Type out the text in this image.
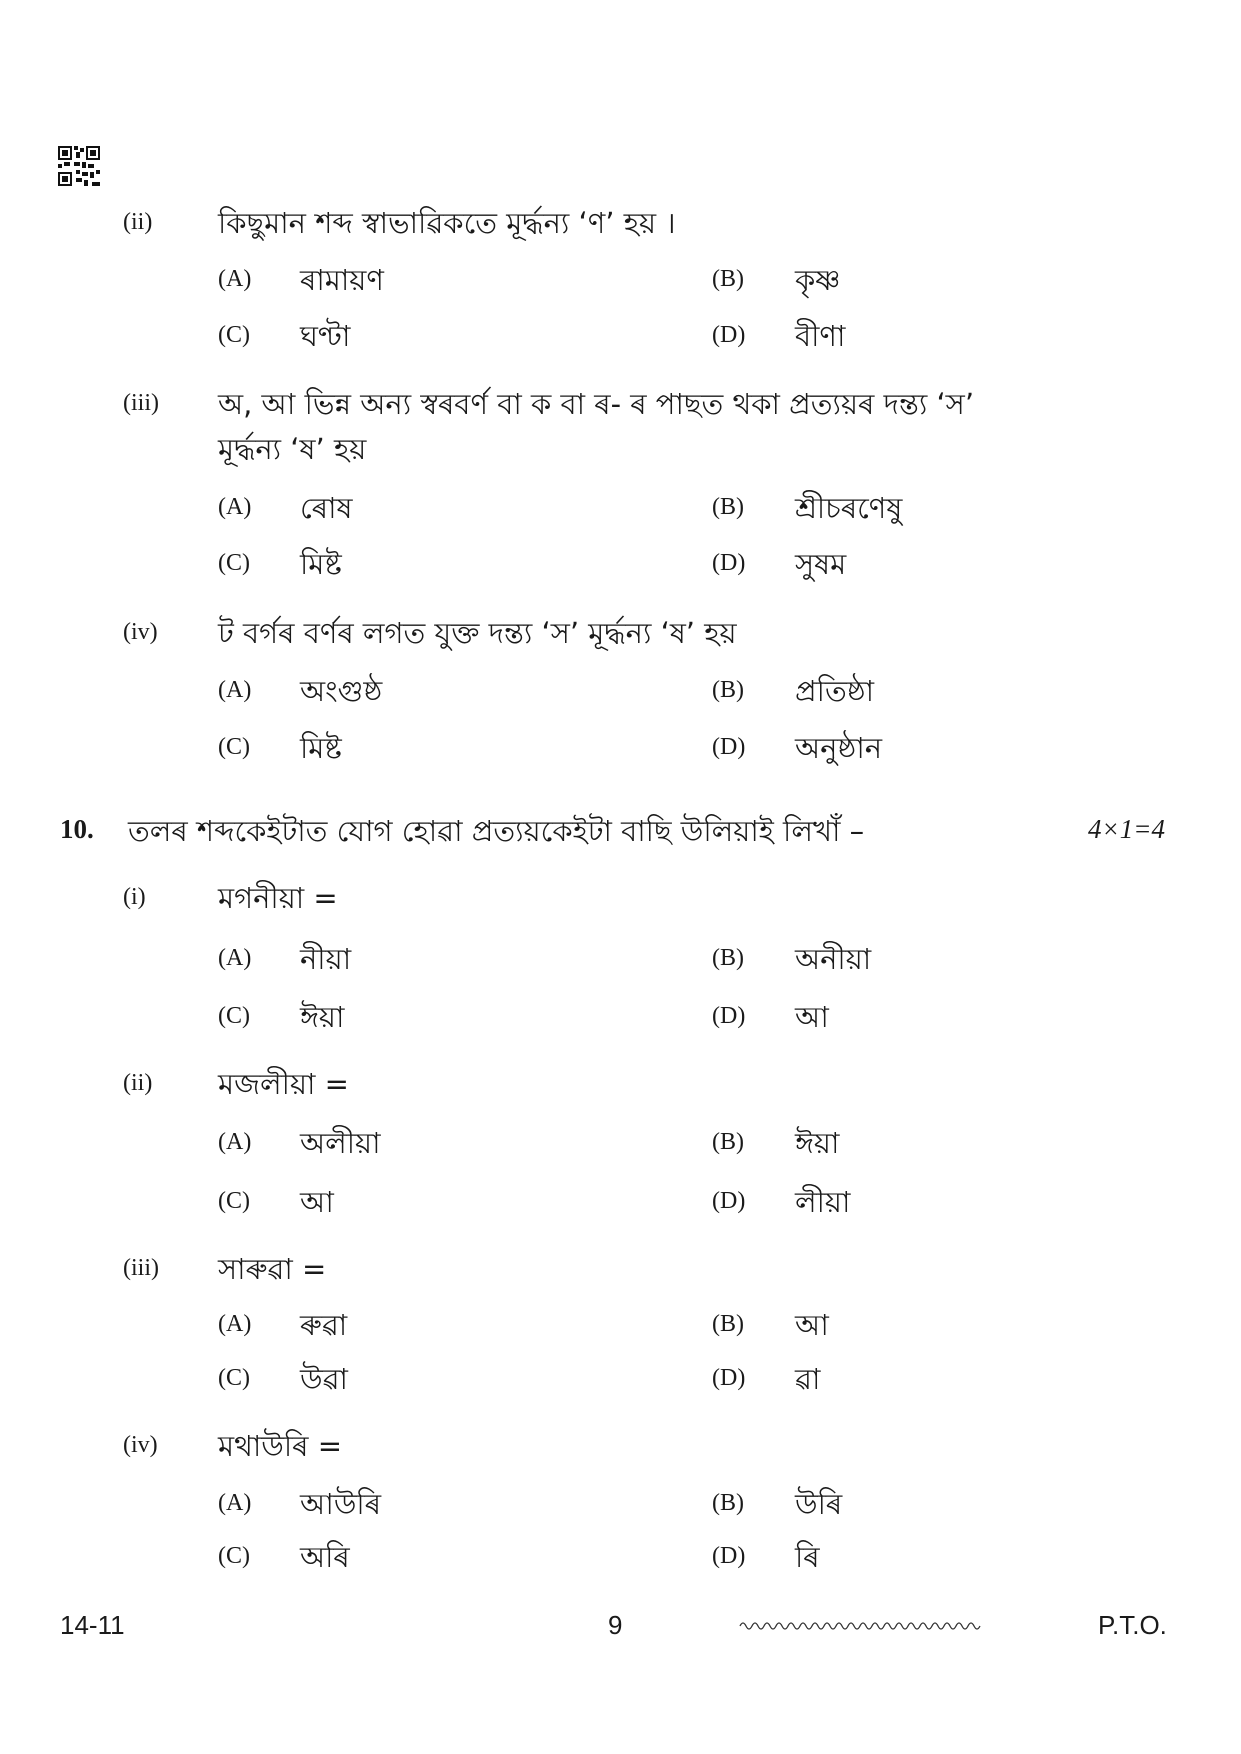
(ii) কিছুমান শব্দ স্বাভাৱিকতে মূৰ্দ্ধন্য ‘ণ’ হয় ।
(A) ৰামায়ণ	(B) কৃষ্ণ
(C) ঘণ্টা	(D) বীণা
(iii) অ, আ ভিন্ন অন্য স্বৰবৰ্ণ বা ক বা ৰ- ৰ পাছত থকা প্ৰত্যয়ৰ দন্ত্য ‘স’
মূৰ্দ্ধন্য ‘ষ’ হয়
(A) ৰোষ	(B) শ্ৰীচৰণেষু
(C) মিষ্ট	(D) সুষম
(iv) ট বৰ্গৰ বৰ্ণৰ লগত যুক্ত দন্ত্য ‘স’ মূৰ্দ্ধন্য ‘ষ’ হয়
(A) অংগুষ্ঠ	(B) প্ৰতিষ্ঠা
(C) মিষ্ট	(D) অনুষ্ঠান
10. তলৰ শব্দকেইটাত যোগ হোৱা প্ৰত্যয়কেইটা বাছি উলিয়াই লিখাঁ –	4×1=4
(i) মগনীয়া =
(A) নীয়া	(B) অনীয়া
(C) ঈয়া	(D) আ
(ii) মজলীয়া =
(A) অলীয়া	(B) ঈয়া
(C) আ	(D) লীয়া
(iii) সাৰুৱা =
(A) ৰুৱা	(B) আ
(C) উৱা	(D) ৱা
(iv) মথাউৰি =
(A) আউৰি	(B) উৰি
(C) অৰি	(D) ৰি
14-11	9	P.T.O.
